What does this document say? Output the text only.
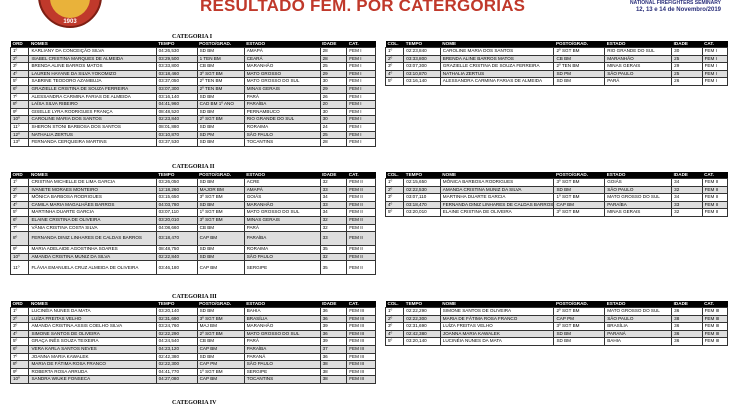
1903
RESULTADO FEM. POR CATERGORIAS	NATIONAL FIREFIGHTERS SEMINARY
12, 13 e 14 de Novembro/2019
CATEGORIA I
ORD	NOMES	TEMPO	POSTO/GRAD.	ESTADO	IDADE	CAT.
1º	KARLIANY DA CONCEIÇÃO SILVA	04:26,530	SD BM	AMAPÁ	28	FEM I
2º	ISABEL CRISTINA MARQUES DE ALMEIDA	03:29,500	1 TEN BM	CEARÁ	28	FEM I
3º	BRENDA ALINE BARROS MATOS	03:33,800	CB BM	MARANHÃO	25	FEM I
4º	LAUREN HAYANE DA SILVA YOKOMIZO	03:18,460	3º SGT BM	MATO GROSSO	29	FEM I
5º	SABRINE TEODORO AZAMBUJA	03:37,050	2º TEN BM	MATO GROSSO DO SUL	30	FEM I
6º	GRAZIELLE CRISTINA DE SOUZA FERREIRA	03:07,300	2º TEN BM	MINAS GERAIS	29	FEM I
7º	ALESSANDRA CARMINA FARIAS DE ALMEIDA	03:16,140	SD BM	PARÁ	26	FEM I
8º	LAÍSA SILVA RIBEIRO	04:41,960	CAD BM 1º ANO	PARAÍBA	20	FEM I
9º	GISELLE LYRA RODRIGUES FRANÇA	08:48,520	SD BM	PERNAMBUCO	30	FEM I
10º	CAROLINE MARIA DOS SANTOS	02:23,840	2º SGT BM	RIO GRANDE DO SUL	30	FEM I
11º	SHERON STONI BARBOSA DOS SANTOS	08:01,880	SD BM	RORAIMA	24	FEM I
12º	NATHALIA ZERTUS	03:10,870	SD PM	SÃO PAULO	25	FEM I
13º	FERNANDA CERQUEIRA MARTINS	03:37,530	SD BM	TOCANTINS	28	FEM I
COL.	TEMPO	NOME	POSTO/GRAD.	ESTADO	IDADE	CAT.
1º	02:23,840	CAROLINE MARIA DOS SANTOS	2º SGT BM	RIO GRANDE DO SUL	30	FEM I
2º	03:33,800	BRENDA ALINE BARROS MATOS	CB BM	MARANHÃO	25	FEM I
3º	03:07,300	GRAZIELLE CRISTINA DE SOUZA FERREIRA	2º TEN BM	MINAS GERAIS	29	FEM I
4º	03:10,870	NATHALIA ZERTUS	SD PM	SÃO PAULO	25	FEM I
5º	03:16,140	ALESSANDRA CARMINA FARIAS DE ALMEIDA	SD BM	PARÁ	26	FEM I
CATEGORIA II
ORD	NOMES	TEMPO	POSTO/GRAD.	ESTADO	IDADE	CAT.
1º	CRISTINA MICHELLE DE LIMA GARCIA	03:26,050	SD BM	ACRE	32	FEM II
2º	IVANETE MORAES MONTEIRO	12:18,260	MAJOR BM	AMAPÁ	33	FEM II
3º	MÔNICA BARBOSA RODRIGUES	03:15,650	3º SGT BM	GOIÁS	34	FEM II
4º	CAMILA MARIA MAGALHÃES BARROS	04:03,780	SD BM	MARANHÃO	33	FEM II
5º	MARTINHA DUARTE GARCIA	03:07,110	1º SGT BM	MATO GROSSO DO SUL	34	FEM II
6º	ELAINE CRISTINA DE OLIVEIRA	03:20,010	3º SGT BM	MINAS GERAIS	32	FEM II
7º	VÂNIA CRISTINA COSTA SILVA	04:08,660	CB BM	PARÁ	32	FEM II
8º	FERNANDA DINIZ LINHARES DE CALDAS BARROS	03:18,470	CAP BM	PARAÍBA	33	FEM II
9º	MARIA ADELAIDE AGOSTINHA SOARES	08:48,750	SD BM	RORAIMA	35	FEM II
10º	AMANDA CRISTINA MUNIZ DA SILVA	02:22,840	SD BM	SÃO PAULO	32	FEM II
11º	FLÁVIA EMANUELA CRUZ ALMEIDA DE OLIVEIRA	03:46,180	CAP BM	SERGIPE	35	FEM II
COL.	TEMPO	NOME	POSTO/GRAD.	ESTADO	IDADE	CAT.
1º	02:15,650	MÔNICA BARBOSA RODRIGUES	3º SGT BM	GOIÁS	34	FEM II
2º	02:22,530	AMANDA CRISTINA MUNIZ DA SILVA	SD BM	SÃO PAULO	32	FEM II
3º	03:07,110	MARTINHA DUARTE GARCIA	1º SGT BM	MATO GROSSO DO SUL	34	FEM II
4º	03:18,470	FERNANDA DINIZ LINHARES DE CALDAS BARROS	CAP BM	PARAÍBA	33	FEM II
5º	03:20,010	ELAINE CRISTINA DE OLIVEIRA	3º SGT BM	MINAS GERAIS	32	FEM II
CATEGORIA III
ORD	NOMES	TEMPO	POSTO/GRAD.	ESTADO	IDADE	CAT.
1º	LUCINÉIA NUNES DA MATA	03:20,140	SD BM	BAHIA	36	FEM III
2º	LUÍZA FREITAS VELHO	02:31,690	3º SGT BM	BRASÍLIA	36	FEM III
3º	AMANDA CRISTINA ASSIS COELHO SILVA	03:24,760	MAJ BM	MARANHÃO	39	FEM III
4º	SIMONE SANTOS DE OLIVEIRA	02:22,290	2º SGT BM	MATO GROSSO DO SUL	36	FEM III
5º	GRAÇA INÊS SOUZA TEIXEIRA	04:24,540	CB BM	PARÁ	39	FEM III
6º	VERA KARLA SANTOS NEVES	04:23,120	CAP BM	PARAÍBA	37	FEM III
7º	JOANNA MARIA KAWALEK	02:42,380	SD BM	PARANÁ	36	FEM III
8º	MARIA DE FÁTIMA ROSA FRANCO	02:22,300	CAP PM	SÃO PAULO	38	FEM III
9º	ROBERTA ROSA ARRUDA	04:41,770	1º SGT BM	SERGIPE	38	FEM III
10º	SANDRA WIUKE FONSECA	04:27,080	CAP BM	TOCANTINS	38	FEM III
COL.	TEMPO	NOME	POSTO/GRAD.	ESTADO	IDADE	CAT.
1º	02:22,290	SIMONE SANTOS DE OLIVEIRA	2º SGT BM	MATO GROSSO DO SUL	36	FEM III
2º	02:22,300	MARIA DE FÁTIMA ROSA FRANCO	CAP PM	SÃO PAULO	38	FEM III
3º	02:31,690	LUÍZA FREITAS VELHO	3º SGT BM	BRASÍLIA	36	FEM III
4º	02:42,380	JOANNA MARIA KAWALEK	SD BM	PARANÁ	36	FEM III
5º	03:20,140	LUCINÉIA NUNES DA MATA	SD BM	BAHIA	36	FEM III
CATEGORIA IV
